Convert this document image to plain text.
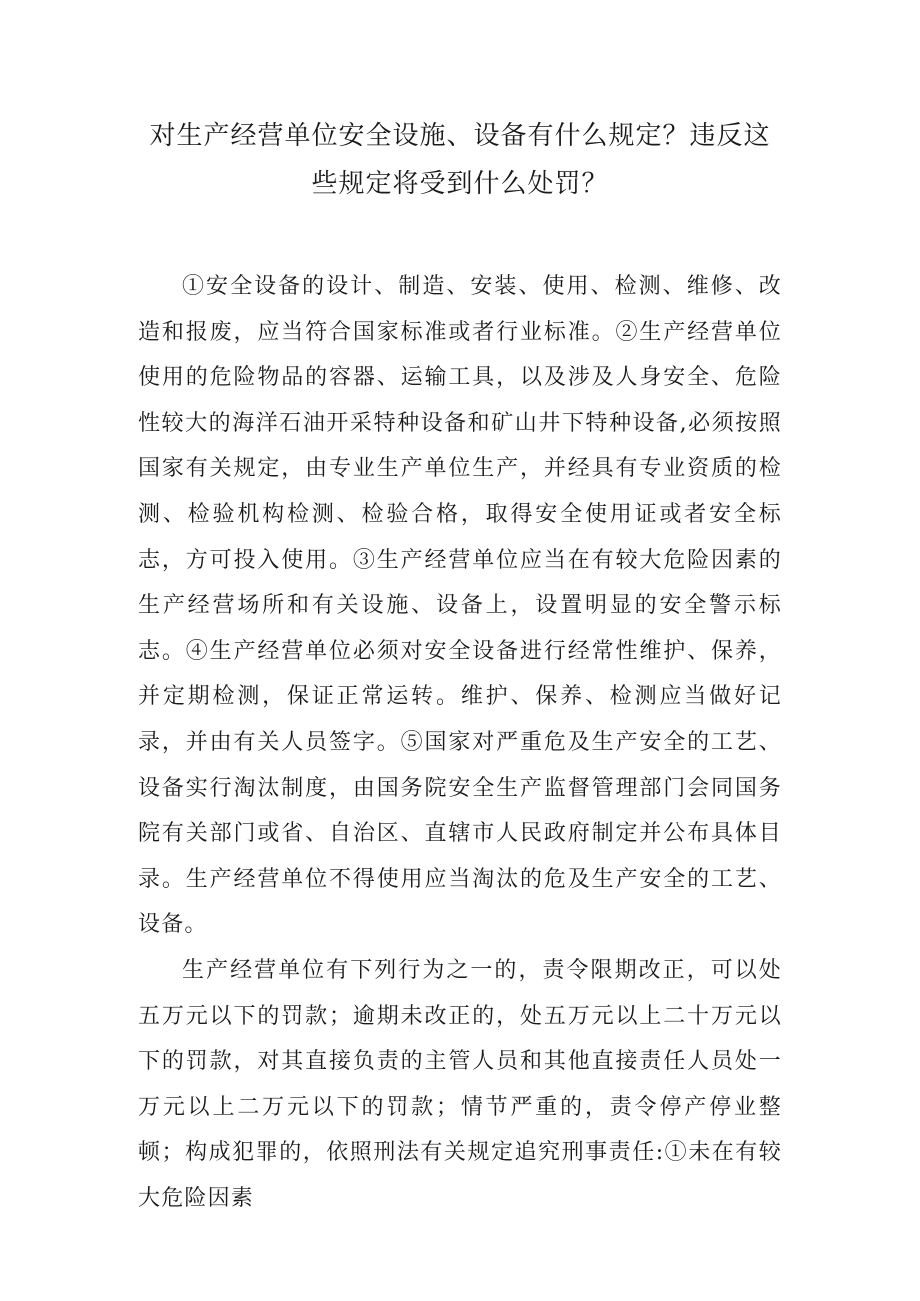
对生产经营单位安全设施、设备有什么规定？违反这些规定将受到什么处罚？

①安全设备的设计、制造、安装、使用、检测、维修、改造和报废，应当符合国家标准或者行业标准。②生产经营单位使用的危险物品的容器、运输工具，以及涉及人身安全、危险性较大的海洋石油开采特种设备和矿山井下特种设备,必须按照国家有关规定，由专业生产单位生产，并经具有专业资质的检测、检验机构检测、检验合格，取得安全使用证或者安全标志，方可投入使用。③生产经营单位应当在有较大危险因素的生产经营场所和有关设施、设备上，设置明显的安全警示标志。④生产经营单位必须对安全设备进行经常性维护、保养，并定期检测，保证正常运转。维护、保养、检测应当做好记录，并由有关人员签字。⑤国家对严重危及生产安全的工艺、设备实行淘汰制度，由国务院安全生产监督管理部门会同国务院有关部门或省、自治区、直辖市人民政府制定并公布具体目录。生产经营单位不得使用应当淘汰的危及生产安全的工艺、设备。

生产经营单位有下列行为之一的，责令限期改正，可以处五万元以下的罚款；逾期未改正的，处五万元以上二十万元以下的罚款，对其直接负责的主管人员和其他直接责任人员处一万元以上二万元以下的罚款；情节严重的，责令停产停业整顿；构成犯罪的，依照刑法有关规定追究刑事责任:①未在有较大危险因素
